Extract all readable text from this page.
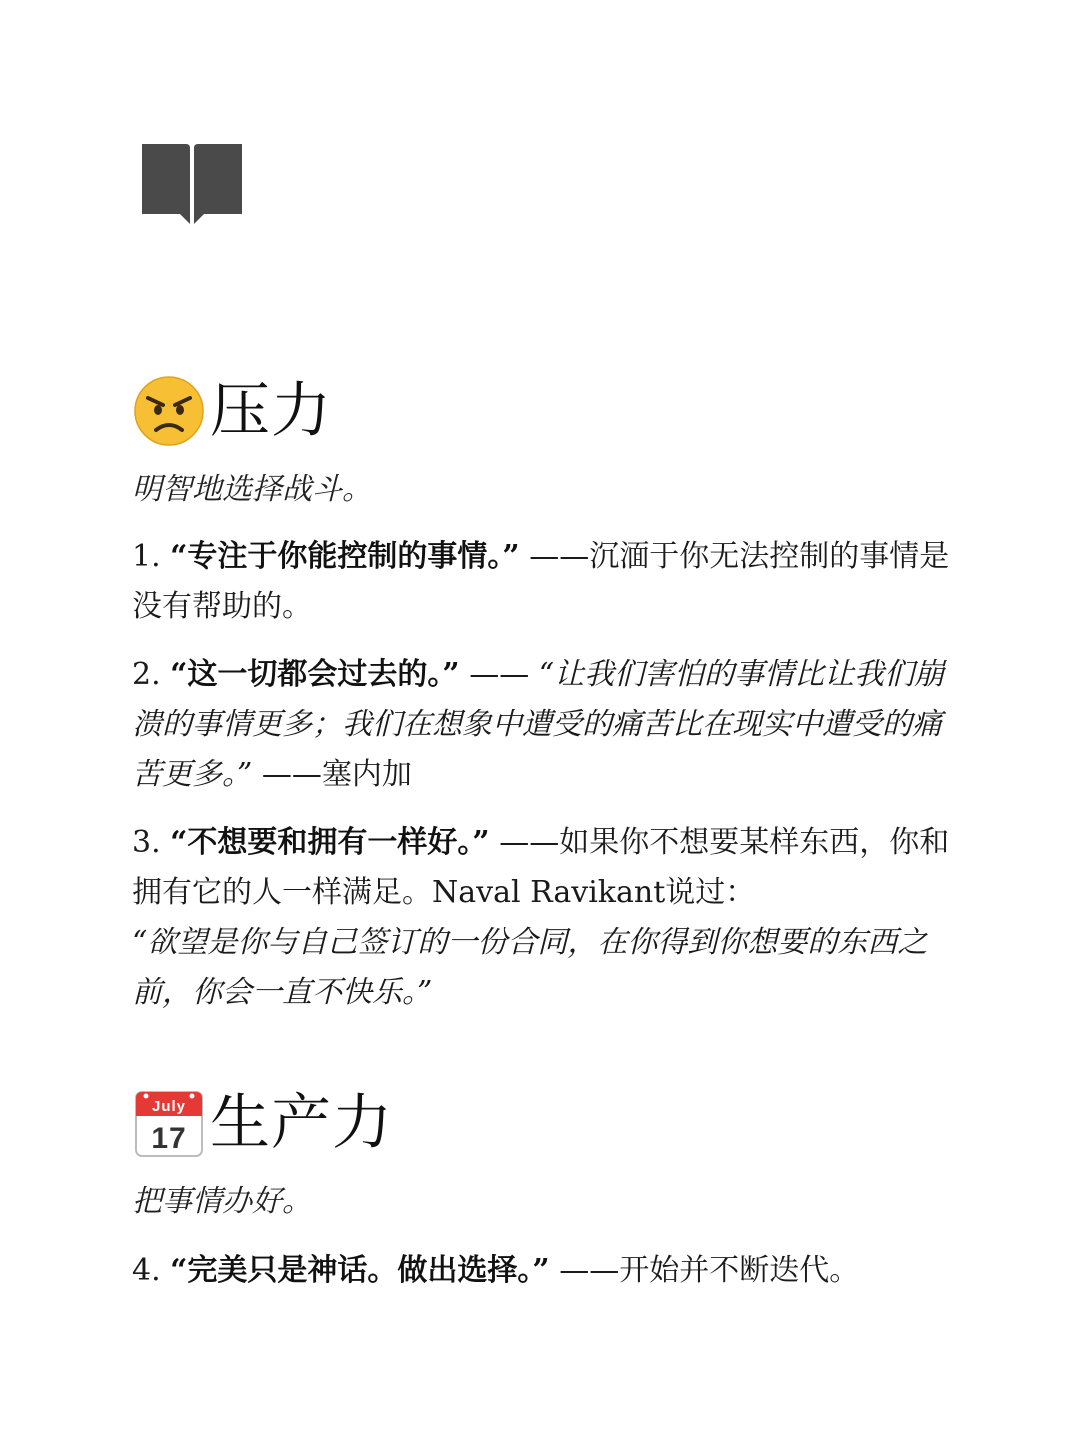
压力
明智地选择战斗。
1. “专注于你能控制的事情。” ——沉湎于你无法控制的事情是没有帮助的。
2. “这一切都会过去的。” —— “让我们害怕的事情比让我们崩溃的事情更多；我们在想象中遭受的痛苦比在现实中遭受的痛苦更多。” ——塞内加
3. “不想要和拥有一样好。” ——如果你不想要某样东西，你和拥有它的人一样满足。Naval Ravikant说过：
“欲望是你与自己签订的一份合同，在你得到你想要的东西之前，你会一直不快乐。”
July
17 生产力
把事情办好。
4. “完美只是神话。做出选择。” ——开始并不断迭代。
